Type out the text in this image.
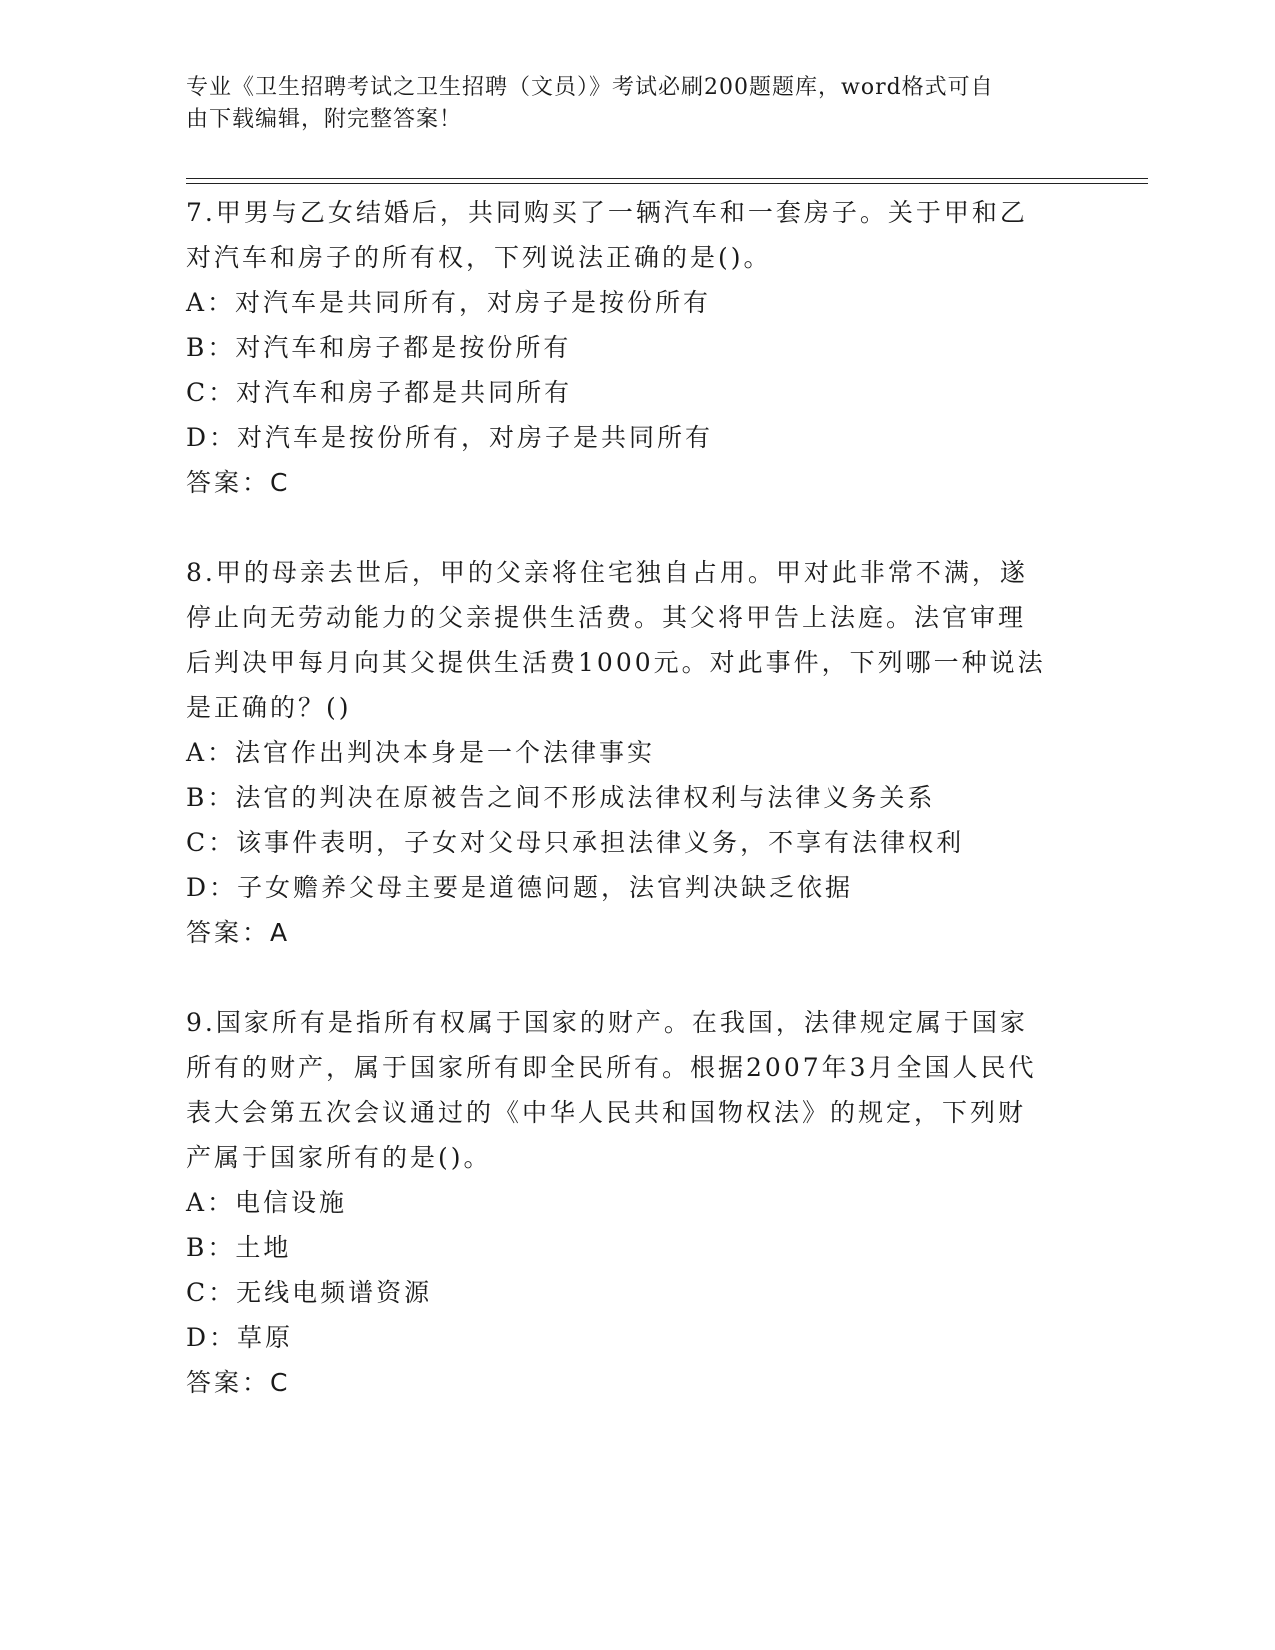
专业《卫生招聘考试之卫生招聘（文员）》考试必刷200题题库，word格式可自
由下载编辑，附完整答案！
7.甲男与乙女结婚后，共同购买了一辆汽车和一套房子。关于甲和乙
对汽车和房子的所有权，下列说法正确的是()。
A：对汽车是共同所有，对房子是按份所有
B：对汽车和房子都是按份所有
C：对汽车和房子都是共同所有
D：对汽车是按份所有，对房子是共同所有
答案：C
8.甲的母亲去世后，甲的父亲将住宅独自占用。甲对此非常不满，遂
停止向无劳动能力的父亲提供生活费。其父将甲告上法庭。法官审理
后判决甲每月向其父提供生活费1000元。对此事件，下列哪一种说法
是正确的？()
A：法官作出判决本身是一个法律事实
B：法官的判决在原被告之间不形成法律权利与法律义务关系
C：该事件表明，子女对父母只承担法律义务，不享有法律权利
D：子女赡养父母主要是道德问题，法官判决缺乏依据
答案：A
9.国家所有是指所有权属于国家的财产。在我国，法律规定属于国家
所有的财产，属于国家所有即全民所有。根据2007年3月全国人民代
表大会第五次会议通过的《中华人民共和国物权法》的规定，下列财
产属于国家所有的是()。
A：电信设施
B：土地
C：无线电频谱资源
D：草原
答案：C
